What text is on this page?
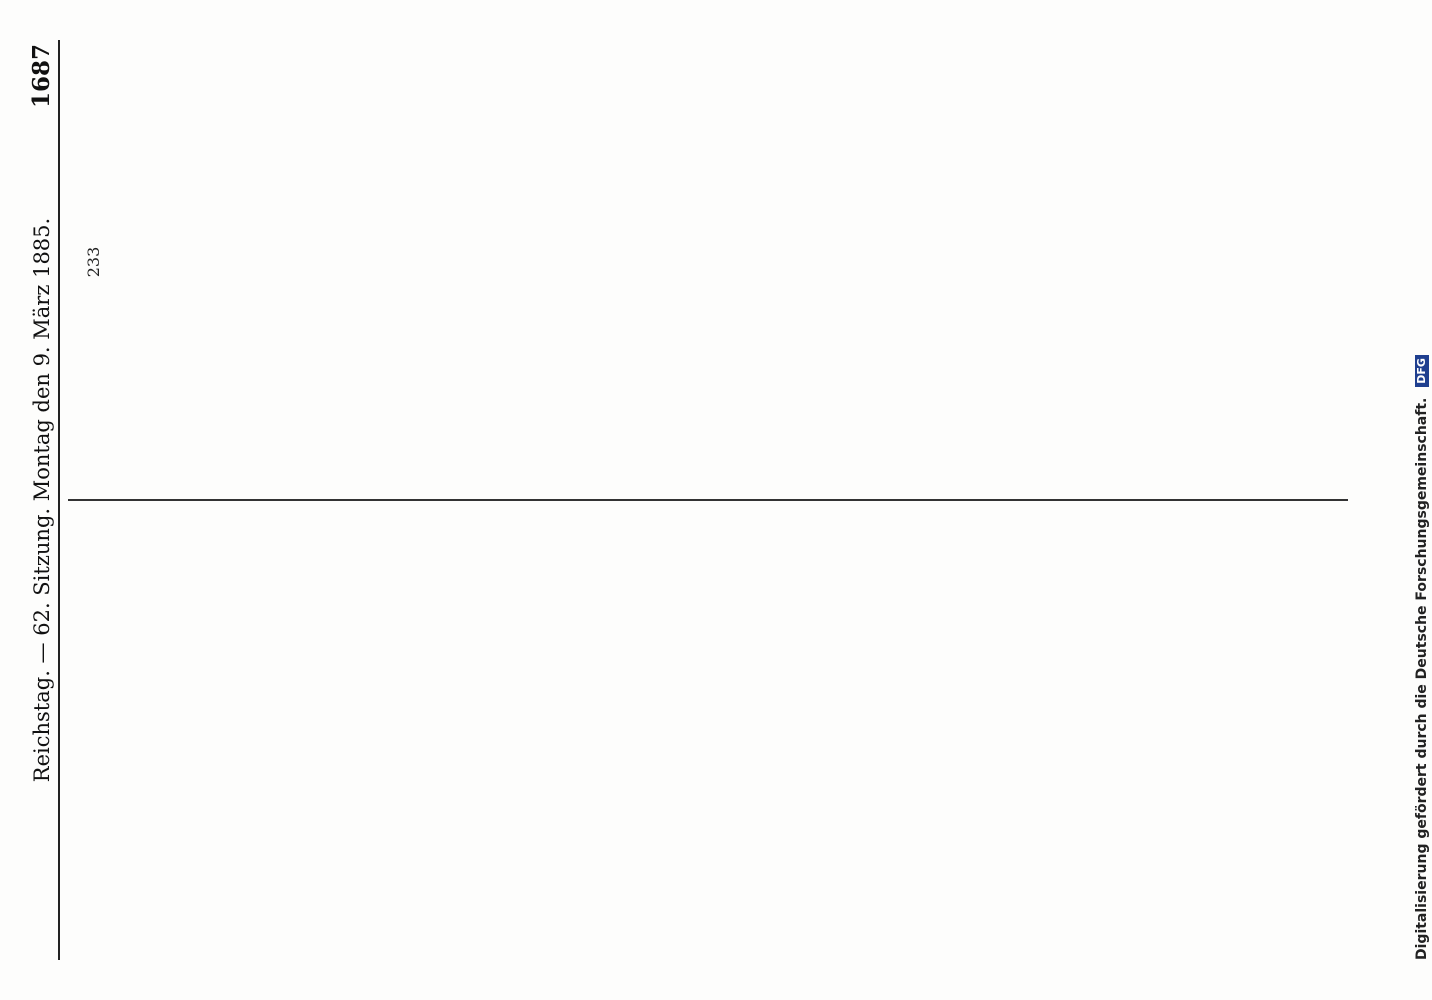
Reichstag. — 62. Sitzung. Montag den 9. März 1885.
1687

233

Digitalisierung gefördert durch die Deutsche Forschungsgemeinschaft. DFG
